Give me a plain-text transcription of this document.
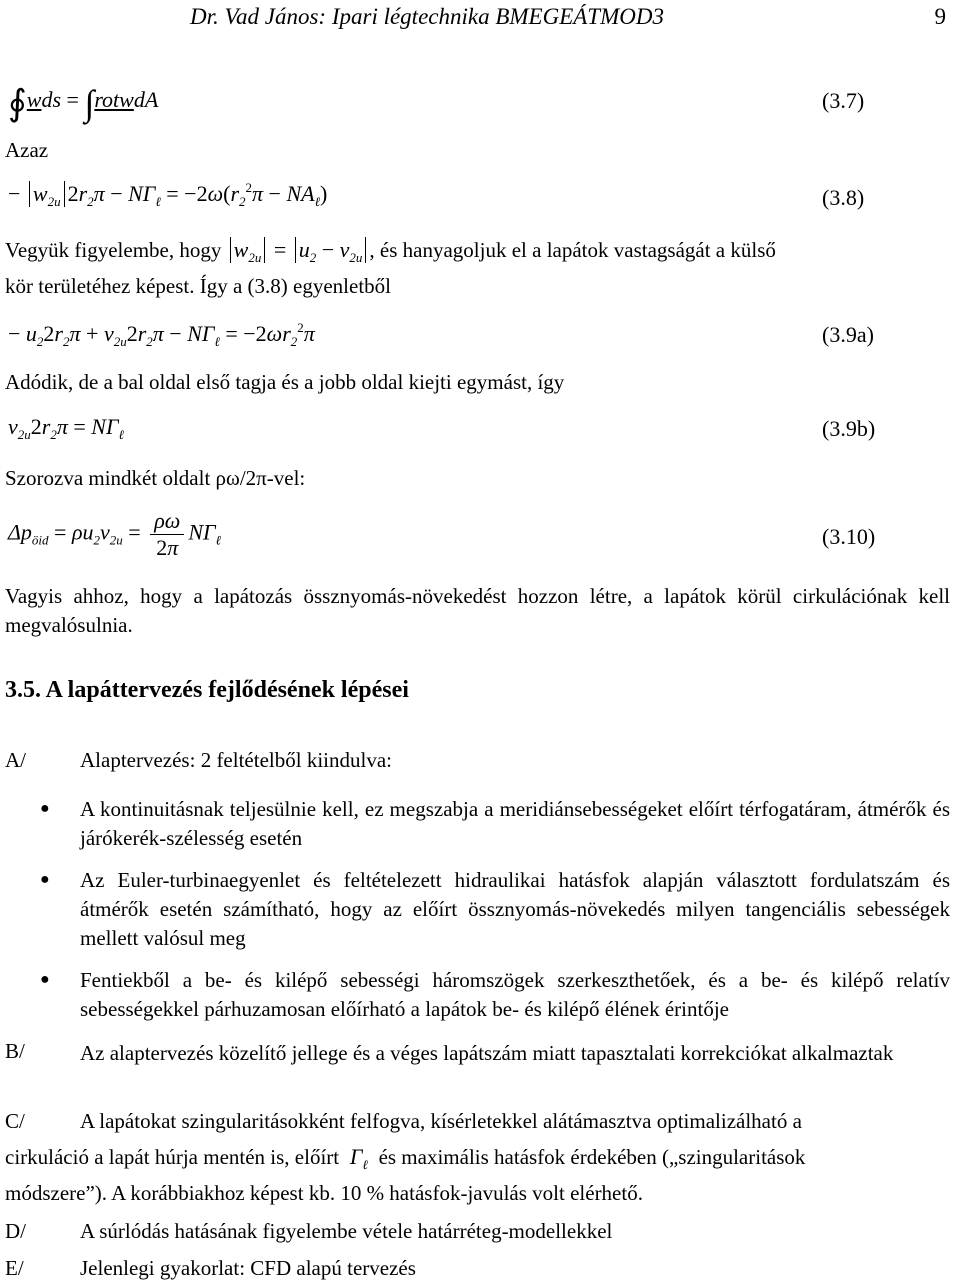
Dr. Vad János: Ipari légtechnika BMEGEÁTMOD3	9
∮wds = ∫rotwdA	(3.7)
Azaz
− $w_{2u}$ $2r_2\pi - N\Gamma_\ell = -2\omega(r_2^2\pi - NA_\ell)$	(3.8)
Vegyük figyelembe, hogy $w_{2u} = u_2 - v_{2u}$ , és hanyagoljuk el a lapátok vastagságát a külső
kör területéhez képest. Így a (3.8) egyenletből
− $u_22r_2\pi + v_{2u}2r_2\pi - N\Gamma_\ell = -2\omega r_2^2\pi$	(3.9a)
Adódik, de a bal oldal első tagja és a jobb oldal kiejti egymást, így
$v_{2u}2r_2\pi = N\Gamma_\ell$	(3.9b)
Szorozva mindkét oldalt ρω/2π-vel:
$\Delta p_{öid} = \rho u_2v_{2u} = \frac{\rho\omega}{2\pi} N\Gamma_\ell$	(3.10)
Vagyis ahhoz, hogy a lapátozás össznyomás-növekedést hozzon létre, a lapátok körül cirkulációnak kell megvalósulnia.
3.5. A lapáttervezés fejlődésének lépései
A/	Alaptervezés: 2 feltételből kiindulva:
● A kontinuitásnak teljesülnie kell, ez megszabja a meridiánsebességeket előírt térfogatáram, átmérők és járókerék-szélesség esetén
● Az Euler-turbinaegyenlet és feltételezett hidraulikai hatásfok alapján választott fordulatszám és átmérők esetén számítható, hogy az előírt össznyomás-növekedés milyen tangenciális sebességek mellett valósul meg
● Fentiekből a be- és kilépő sebességi háromszögek szerkeszthetőek, és a be- és kilépő relatív sebességekkel párhuzamosan előírható a lapátok be- és kilépő élének érintője
B/	Az alaptervezés közelítő jellege és a véges lapátszám miatt tapasztalati korrekciókat alkalmaztak
C/	A lapátokat szingularitásokként felfogva, kísérletekkel alátámasztva optimalizálható a
cirkuláció a lapát húrja mentén is, előírt  $\Gamma_\ell$ és maximális hatásfok érdekében („szingularitások
módszere”). A korábbiakhoz képest kb. 10 % hatásfok-javulás volt elérhető.
D/	A súrlódás hatásának figyelembe vétele határréteg-modellekkel
E/	Jelenlegi gyakorlat: CFD alapú tervezés
